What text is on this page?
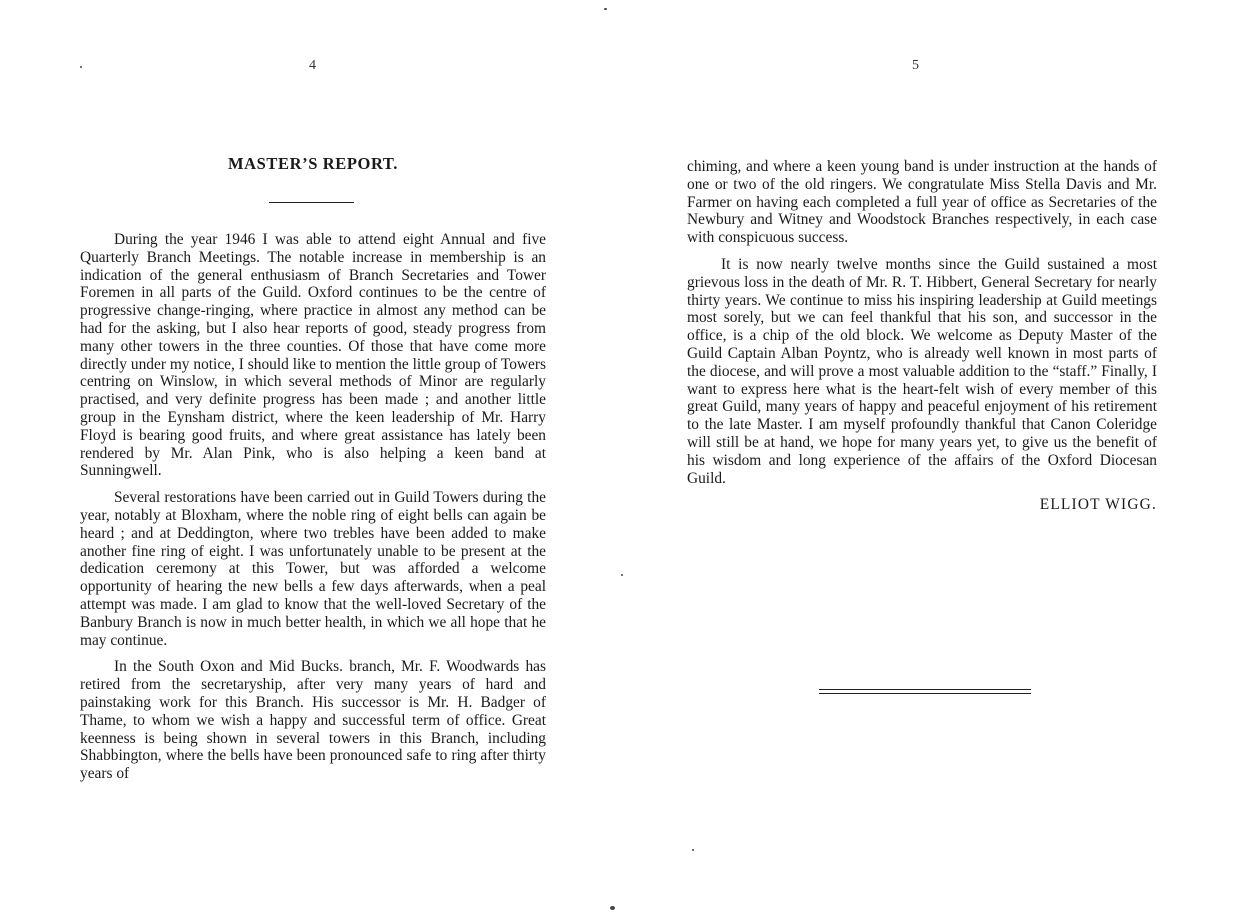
4
MASTER’S REPORT.

During the year 1946 I was able to attend eight Annual and five Quarterly Branch Meetings. The notable increase in membership is an indication of the general enthusiasm of Branch Secretaries and Tower Foremen in all parts of the Guild. Oxford continues to be the centre of progressive change-ringing, where practice in almost any method can be had for the asking, but I also hear reports of good, steady progress from many other towers in the three counties. Of those that have come more directly under my notice, I should like to mention the little group of Towers centring on Winslow, in which several methods of Minor are regularly practised, and very definite progress has been made ; and another little group in the Eynsham district, where the keen leadership of Mr. Harry Floyd is bearing good fruits, and where great assistance has lately been rendered by Mr. Alan Pink, who is also helping a keen band at Sunningwell.

Several restorations have been carried out in Guild Towers during the year, notably at Bloxham, where the noble ring of eight bells can again be heard ; and at Deddington, where two trebles have been added to make another fine ring of eight. I was unfortunately unable to be present at the dedication ceremony at this Tower, but was afforded a welcome opportunity of hearing the new bells a few days afterwards, when a peal attempt was made. I am glad to know that the well-loved Secretary of the Banbury Branch is now in much better health, in which we all hope that he may continue.

In the South Oxon and Mid Bucks. branch, Mr. F. Woodwards has retired from the secretaryship, after very many years of hard and painstaking work for this Branch. His successor is Mr. H. Badger of Thame, to whom we wish a happy and successful term of office. Great keenness is being shown in several towers in this Branch, including Shabbington, where the bells have been pronounced safe to ring after thirty years of

5

chiming, and where a keen young band is under instruction at the hands of one or two of the old ringers. We congratulate Miss Stella Davis and Mr. Farmer on having each completed a full year of office as Secretaries of the Newbury and Witney and Woodstock Branches respectively, in each case with conspicuous success.

It is now nearly twelve months since the Guild sustained a most grievous loss in the death of Mr. R. T. Hibbert, General Secretary for nearly thirty years. We continue to miss his inspiring leadership at Guild meetings most sorely, but we can feel thankful that his son, and successor in the office, is a chip of the old block. We welcome as Deputy Master of the Guild Captain Alban Poyntz, who is already well known in most parts of the diocese, and will prove a most valuable addition to the “staff.” Finally, I want to express here what is the heart-felt wish of every member of this great Guild, many years of happy and peaceful enjoyment of his retirement to the late Master. I am myself profoundly thankful that Canon Coleridge will still be at hand, we hope for many years yet, to give us the benefit of his wisdom and long experience of the affairs of the Oxford Diocesan Guild.

ELLIOT WIGG.
